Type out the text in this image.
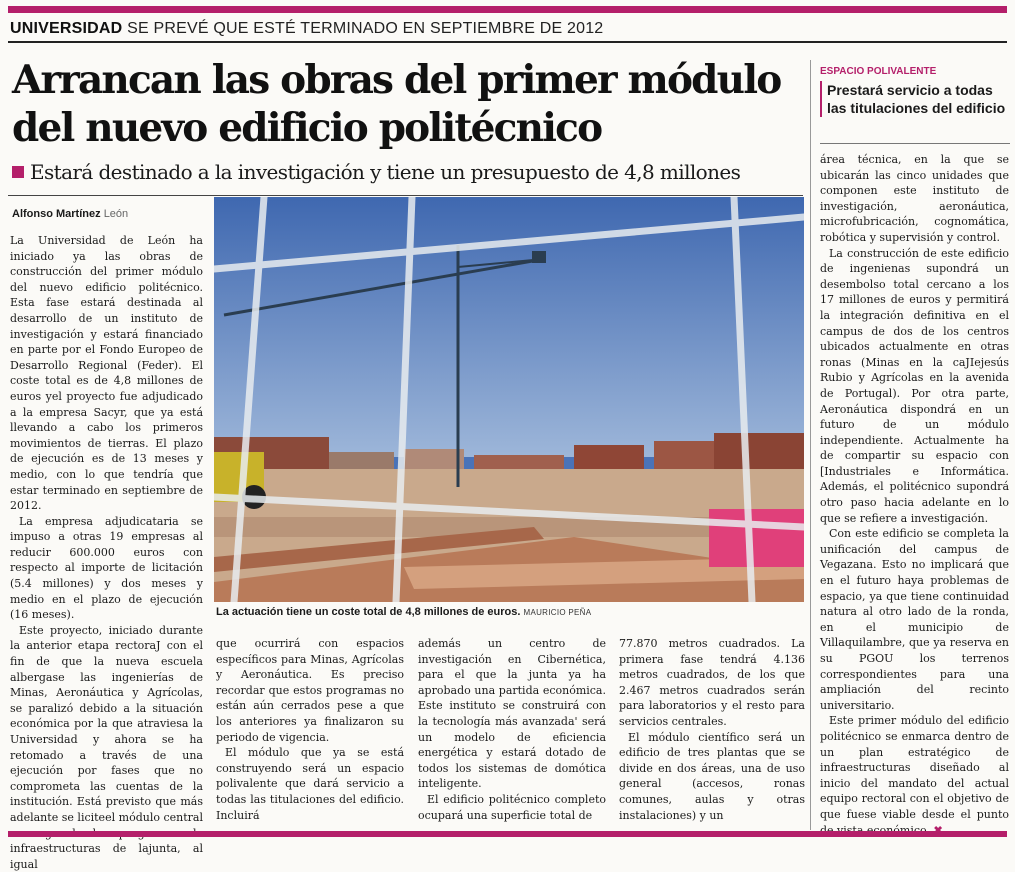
UNIVERSIDAD SE PREVÉ QUE ESTÉ TERMINADO EN SEPTIEMBRE DE 2012
Arrancan las obras del primer módulo del nuevo edificio politécnico
Estará destinado a la investigación y tiene un presupuesto de 4,8 millones
Alfonso Martínez León
ESPACIO POLIVALENTE
Prestará servicio a todas las titulaciones del edificio
La actuación tiene un coste total de 4,8 millones de euros. MAURICIO PEÑA

La Universidad de León ha iniciado ya las obras de construcción del primer módulo del nuevo edificio politécnico. Esta fase estará destinada al desarrollo de un instituto de investigación y estará financiado en parte por el Fondo Europeo de Desarrollo Regional (Feder). El coste total es de 4,8 millones de euros yel proyecto fue adjudicado a la empresa Sacyr, que ya está llevando a cabo los primeros movimientos de tierras. El plazo de ejecución es de 13 meses y medio, con lo que tendría que estar terminado en septiembre de 2012.

La empresa adjudicataria se impuso a otras 19 empresas al reducir 600.000 euros con respecto al importe de licitación (5.4 millones) y dos meses y medio en el plazo de ejecución (16 meses).

Este proyecto, iniciado durante la anterior etapa rectoraJ con el fin de que la nueva escuela albergase las ingenierías de Minas, Aeronáutica y Agrícolas, se paralizó debido a la situación económica por la que atraviesa la Universidad y ahora se ha retomado a través de una ejecución por fases que no comprometa las cuentas de la institución. Está previsto que más adelante se liciteel módulo central infraestructuras de lajunta, al igual

que ocurrirá con espacios específicos para Minas, Agrícolas y Aeronáutica. Es preciso recordar que estos programas no están aún cerrados pese a que los anteriores ya finalizaron su periodo de vigencia.

El módulo que ya se está construyendo será un espacio polivalente que dará servicio a todas las titulaciones del edificio. Incluirá

además un centro de investigación en Cibernética, para el que la junta ya ha aprobado una partida económica. Este instituto se construirá con la tecnología más avanzada' será un modelo de eficiencia energética y estará dotado de todos los sistemas de domótica inteligente.

El edificio politécnico completo ocupará una superficie total de

77.870 metros cuadrados. La primera fase tendrá 4.136 metros cuadrados, de los que 2.467 metros cuadrados serán para laboratorios y el resto para servicios centrales.

El módulo científico será un edificio de tres plantas que se divide en dos áreas, una de uso general (accesos, ronas comunes, aulas y otras instalaciones) y un

área técnica, en la que se ubicarán las cinco unidades que componen este instituto de investigación, aeronáutica, microfubricación, cognomática, robótica y supervisión y control.

La construcción de este edificio de ingenienas supondrá un desembolso total cercano a los 17 millones de euros y permitirá la integración definitiva en el campus de dos de los centros ubicados actualmente en otras ronas (Minas en la caJIejesús Rubio y Agrícolas en la avenida de Portugal). Por otra parte, Aeronáutica dispondrá en un futuro de un módulo independiente. Actualmente ha de compartir su espacio con [Industriales e Informática. Además, el politécnico supondrá otro paso hacia adelante en lo que se refiere a investigación.

Con este edificio se completa la unificación del campus de Vegazana. Esto no implicará que en el futuro haya problemas de espacio, ya que tiene continuidad natura al otro lado de la ronda, en el municipio de Villaquilambre, que ya reserva en su PGOU los terrenos correspondientes para una ampliación del recinto universitario.

Este primer módulo del edificio politécnico se enmarca dentro de un plan estratégico de infraestructuras diseñado al inicio del mandato del actual equipo rectoral con el objetivo de que fuese viable desde el punto
